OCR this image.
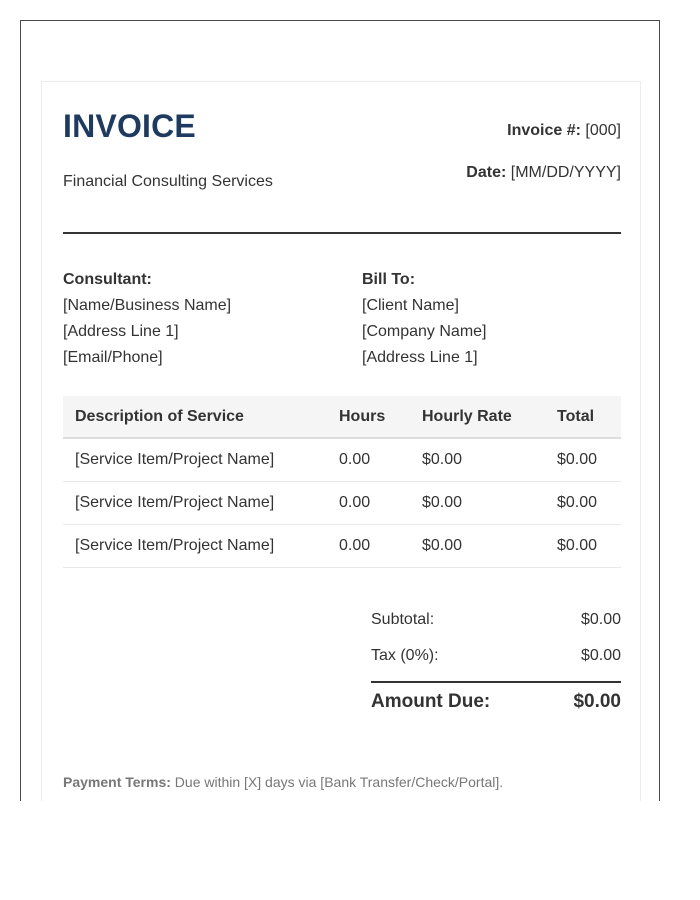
INVOICE
Financial Consulting Services
Invoice #: [000]
Date: [MM/DD/YYYY]
Consultant:
[Name/Business Name]
[Address Line 1]
[Email/Phone]
Bill To:
[Client Name]
[Company Name]
[Address Line 1]
Description of Service	Hours	Hourly Rate	Total
[Service Item/Project Name]	0.00	$0.00	$0.00
[Service Item/Project Name]	0.00	$0.00	$0.00
[Service Item/Project Name]	0.00	$0.00	$0.00
Subtotal:	$0.00
Tax (0%):	$0.00
Amount Due:	$0.00
Payment Terms: Due within [X] days via [Bank Transfer/Check/Portal].
